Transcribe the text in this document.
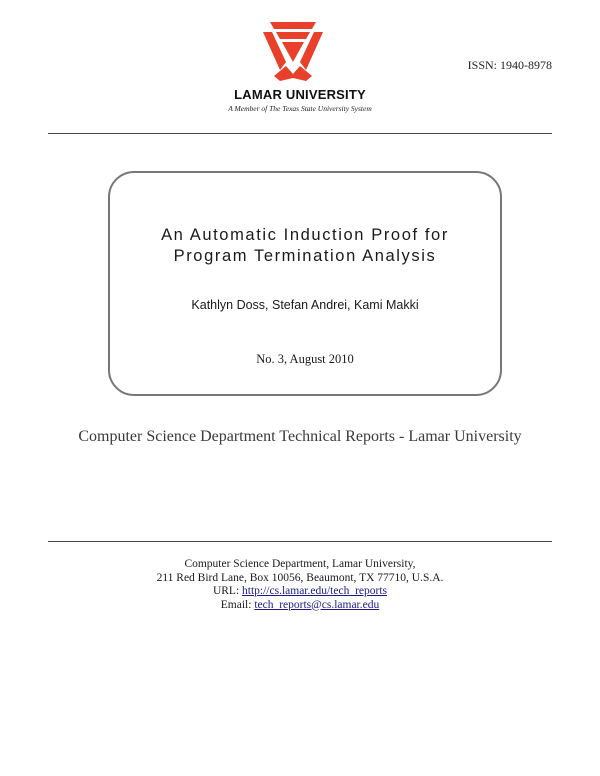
LAMAR UNIVERSITY
A Member of The Texas State University System
ISSN: 1940-8978
An Automatic Induction Proof for
Program Termination Analysis
Kathlyn Doss, Stefan Andrei, Kami Makki
No. 3, August 2010
Computer Science Department Technical Reports - Lamar University
Computer Science Department, Lamar University,
211 Red Bird Lane, Box 10056, Beaumont, TX 77710, U.S.A.
URL: http://cs.lamar.edu/tech_reports
Email: tech_reports@cs.lamar.edu
